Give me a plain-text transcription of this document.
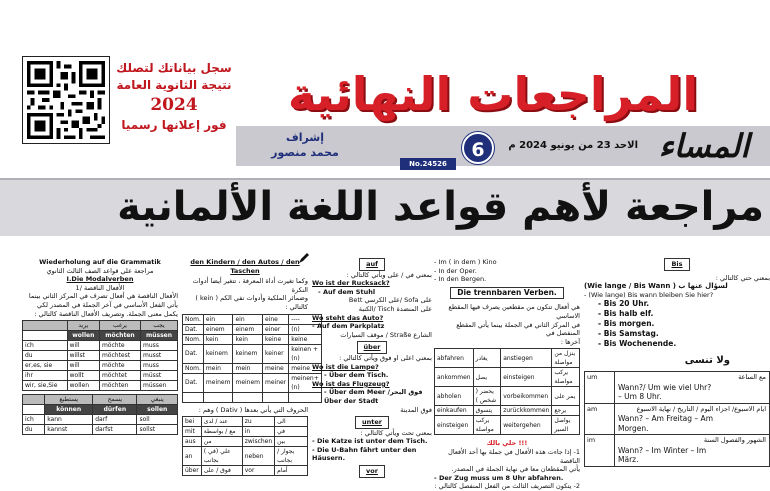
سجل بياناتك لتصلك
نتيجة الثانوية العامة
2024
فور إعلانها رسميا
المراجعات النهائية
المساء
الاحد 23 من يونيو 2024 م
6
No.24526
إشراف
محمد منصور
مراجعة لأهم قواعد اللغة الألمانية
Wiederholung auf die Grammatik
مراجعة علي قواعد الصف الثالث الثانوي
I.Die Modalverben
الأفعال الناقصة /1
الأفعال الناقصة هي أفعال تصرف في المركز الثاني بينما
يأتي الفعل الأساسي في آخر الجملة في المصدر لكي
يكمل معنى الجملة. وتصريف الأفعال الناقصة كالتالي :
	يريد	يرغب	يجب
	wollen	möchten	müssen
ich	will	möchte	muss
du	willst	möchtest	musst
er,es, sie	will	möchte	muss
ihr	wollt	möchtet	müsst
wir, sie,Sie	wollen	möchten	müssen
	يستطيع	يسمح	ينبغي
	können	dürfen	sollen
ich	kann	darf	soll
du	kannst	darfst	sollst
den Kindern / den Autos / den Taschen
وكما تغيرت أداة المعرفة ، تتغير أيضا أدوات النكرة
وضمائر الملكية وأدوات نفي الكم ( kein ) كالتالي :
Nom.	ein	ein	eine	----
Dat.	einem	einem	einer	(n)
Nom.	kein	kein	keine	keine
Dat.	keinem	keinem	keiner	keinen + (n)
Nom.	mein	mein	meine	meine
Dat.	meinem	meinem	meiner	meinen+ (n)

الحروف التي يأتي بعدها ( Dativ ) وهم :
bei	عند / لدى	zu	الى
mit	مع / بواسطة	in	في
aus	من	zwischen	بين
an	علي (في ) بجانب	neben	بجوار / بجانب
über	فوق / على	vor	أمام
auf
بمعني في / على وبأتي كالتالي :
Wo ist der Rucksack?
- Auf dem Stuhl
على Sofa /على الكرسي Bett
على المنضدة Tisch /الكنبة
Wo steht das Auto?
- Auf dem Parkplatz
الشارع Straße / موقف السيارات
über
بمعني اعلى او فوق ويأتي كالتالي :
Wo ist die Lampe?
- Über dem Tisch.
Wo ist das Flugzeug?
- Über dem Meer /فوق البحر Über der Stadt
فوق المدينة
unter
بمعني تحت ويأتي كالتالي :
- Die Katze ist unter dem Tisch.
- Die U-Bahn fährt unter den Häusern.
vor
- Im ( in dem ) Kino
- In der Oper.
- In den Bergen.
Die trennbaren Verben.
هي أفعال تتكون من مقطعين يصرف فيها المقطع الاساسي
في المركز الثاني في الجملة بينما يأتي المقطع المنفصل في
آخرها :
abfahren	يغادر	anstiegen	ينزل من مواصلة
ankommen	يصل	einsteigen	يركب مواصلة
abholen	يحضر ( شخص )	vorbeikommen	يمر على
einkaufen	يتسوق	zurückkommen	يرجع
einsteigen	يركب مواصلة	weitergehen	يواصل السير
حلي بالك !!!
1- إذا جاءت هذه الأفعال في جملة بها أحد الأفعال الناقصة
يأتي المقطعان معا في نهاية الجملة في المصدر.
- Der Zug muss um 8 Uhr abfahren.
2- يتكون التصريف الثالث من الفعل المنفصل كالتالي :
Bis
بمعني حتي كالتالي :
(Wie lange / Bis Wann ) لسؤال عنها ب
- (Wie lange) Bis wann bleiben Sie hier?
- Bis 20 Uhr.
- Bis halb elf.
- Bis morgen.
- Bis Samstag.
- Bis Wochenende.
ولا تنسى
um	مع الساعة
Wann?/ Um wie viel Uhr?
– Um 8 Uhr.
am	ايام الاسبوع/ اجزاء اليوم / التاريخ / نهاية الاسبوع
Wann? – Am Freitag – Am
Morgen.
im	الشهور والفصول السنة
Wann? – Im Winter – Im
März.
